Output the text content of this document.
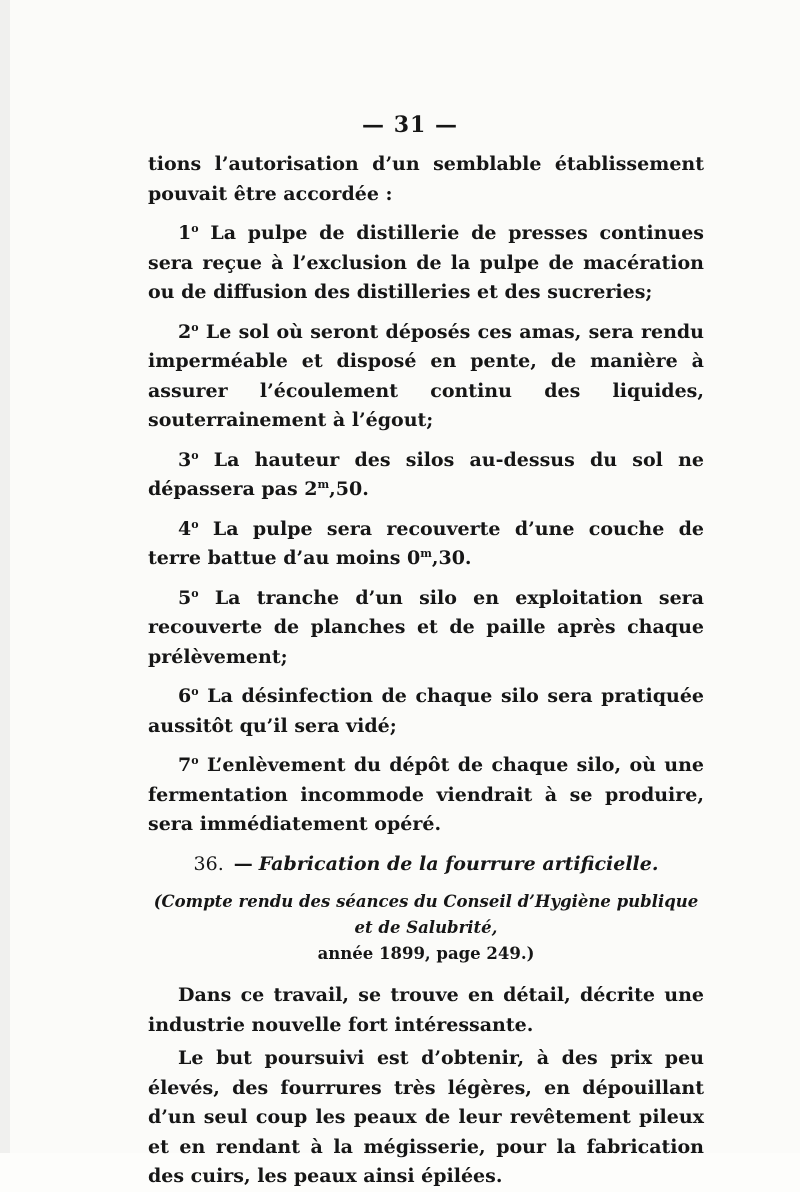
— 31 —

tions l’autorisation d’un semblable établissement pouvait être accordée :

1$^o$ La pulpe de distillerie de presses continues sera reçue à l’exclusion de la pulpe de macération ou de diffusion des distilleries et des sucreries;

2$^o$ Le sol où seront déposés ces amas, sera rendu imperméable et disposé en pente, de manière à assurer l’écoulement continu des liquides, souterrainement à l’égout;

3$^o$ La hauteur des silos au-dessus du sol ne dépassera pas 2$^m$,50.

4$^o$ La pulpe sera recouverte d’une couche de terre battue d’au moins 0$^m$,30.

5$^o$ La tranche d’un silo en exploitation sera recouverte de planches et de paille après chaque prélèvement;

6$^o$ La désinfection de chaque silo sera pratiquée aussitôt qu’il sera vidé;

7$^o$ L’enlèvement du dépôt de chaque silo, où une fermentation incommode viendrait à se produire, sera immédiatement opéré.

36. — Fabrication de la fourrure artificielle.

(Compte rendu des séances du Conseil d’Hygiène publique et de Salubrité,
année 1899, page 249.)

Dans ce travail, se trouve en détail, décrite une industrie nouvelle fort intéressante.

Le but poursuivi est d’obtenir, à des prix peu élevés, des fourrures très légères, en dépouillant d’un seul coup les peaux de leur revêtement pileux et en rendant à la mégisserie, pour la fabrication des cuirs, les peaux ainsi épilées.
